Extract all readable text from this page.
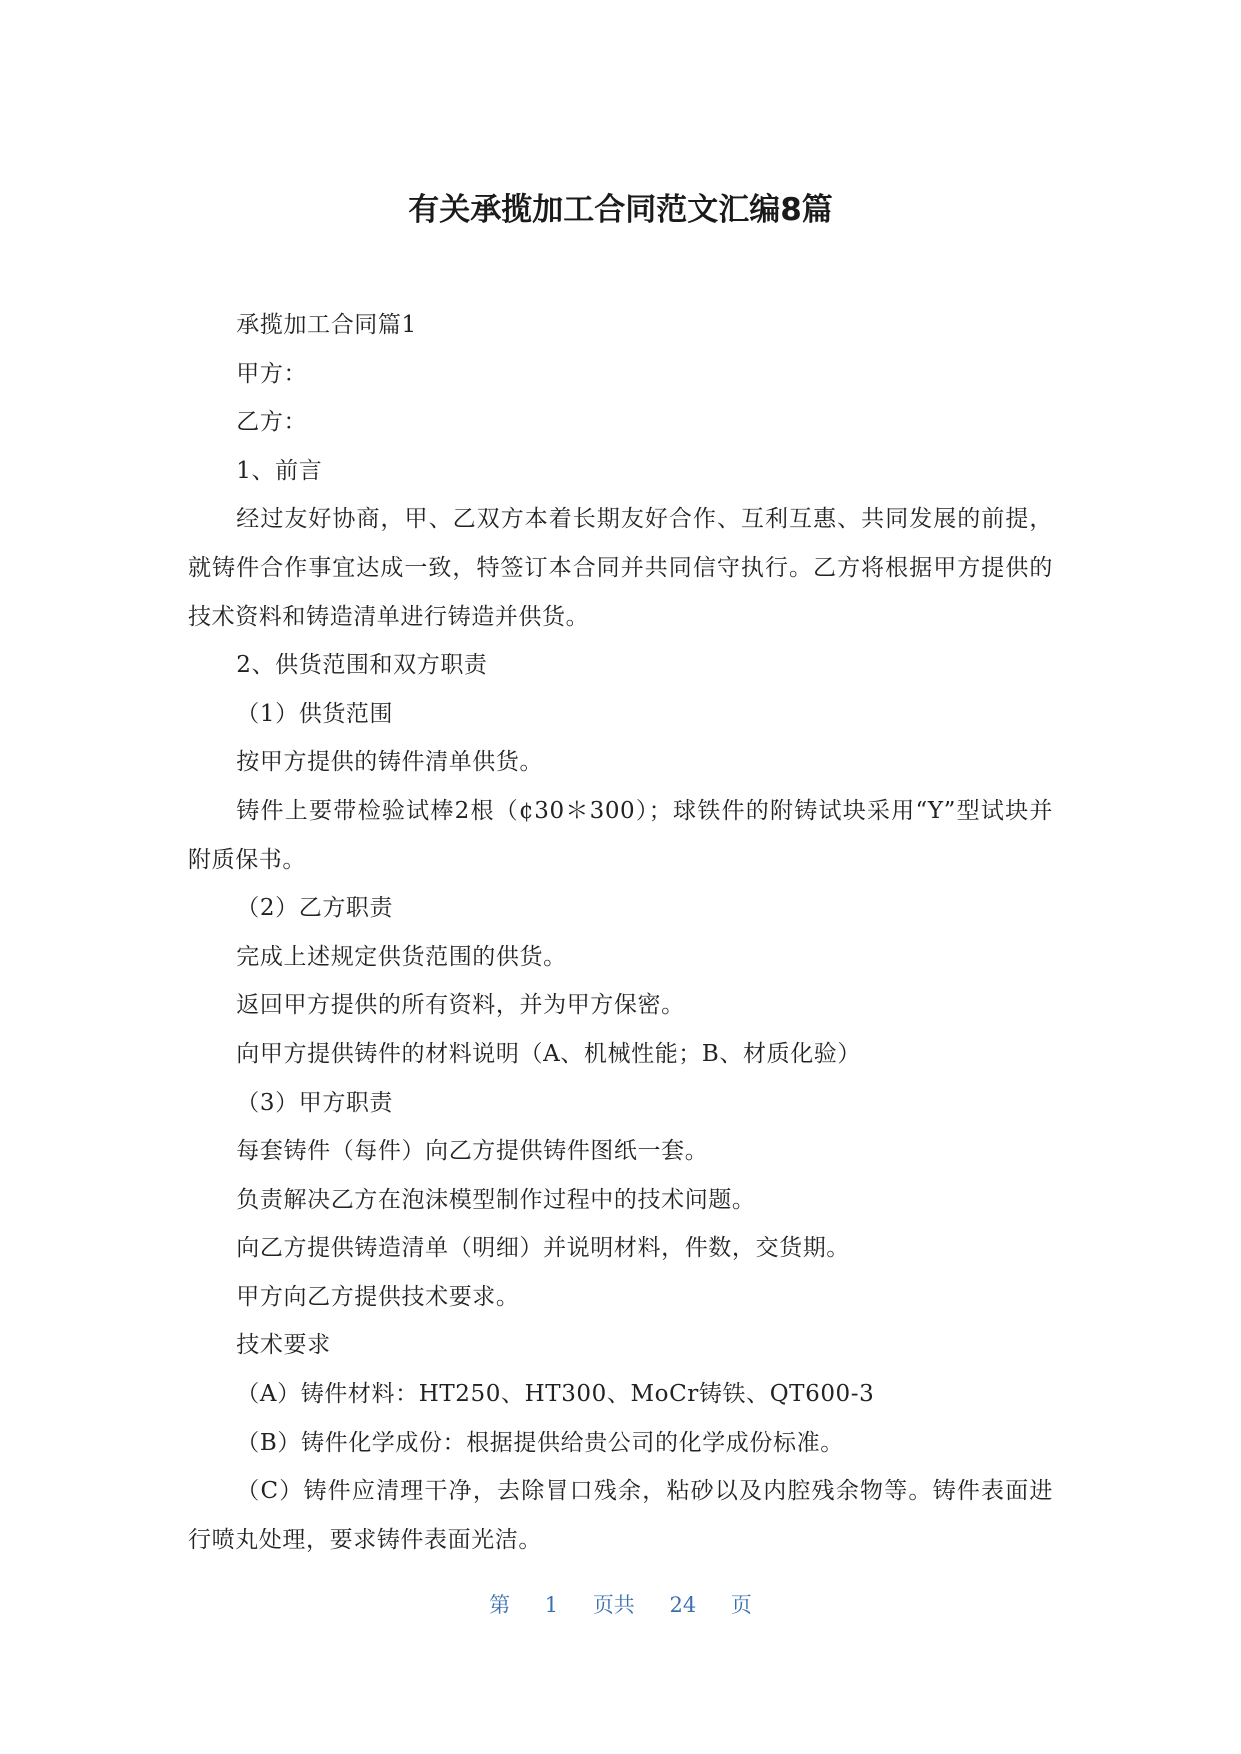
有关承揽加工合同范文汇编8篇

承揽加工合同篇1

甲方：

乙方：

1、前言

经过友好协商，甲、乙双方本着长期友好合作、互利互惠、共同发展的前提，就铸件合作事宜达成一致，特签订本合同并共同信守执行。乙方将根据甲方提供的技术资料和铸造清单进行铸造并供货。

2、供货范围和双方职责

（1）供货范围

按甲方提供的铸件清单供货。

铸件上要带检验试棒2根（¢30＊300）；球铁件的附铸试块采用“Y”型试块并附质保书。

（2）乙方职责

完成上述规定供货范围的供货。

返回甲方提供的所有资料，并为甲方保密。

向甲方提供铸件的材料说明（A、机械性能；B、材质化验）

（3）甲方职责

每套铸件（每件）向乙方提供铸件图纸一套。

负责解决乙方在泡沫模型制作过程中的技术问题。

向乙方提供铸造清单（明细）并说明材料，件数，交货期。

甲方向乙方提供技术要求。

技术要求

（A）铸件材料：HT250、HT300、MoCr铸铁、QT600-3

（B）铸件化学成份：根据提供给贵公司的化学成份标准。

（C）铸件应清理干净，去除冒口残余，粘砂以及内腔残余物等。铸件表面进行喷丸处理，要求铸件表面光洁。

第 1 页共 24 页
